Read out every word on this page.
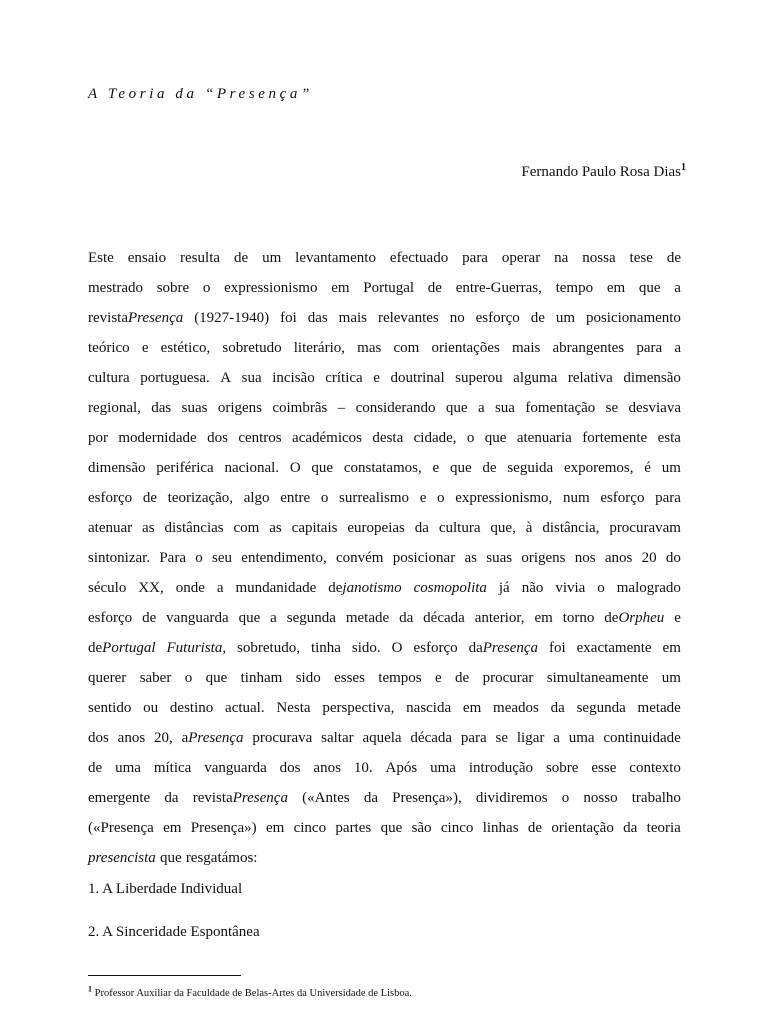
A Teoria da “Presença”
Fernando Paulo Rosa Dias$^1$
Este ensaio resulta de um levantamento efectuado para operar na nossa tese de
mestrado sobre o expressionismo em Portugal de entre-Guerras, tempo em que a
revistaPresença (1927-1940) foi das mais relevantes no esforço de um posicionamento
teórico e estético, sobretudo literário, mas com orientações mais abrangentes para a
cultura portuguesa. A sua incisão crítica e doutrinal superou alguma relativa dimensão
regional, das suas origens coimbrãs – considerando que a sua fomentação se desviava
por modernidade dos centros académicos desta cidade, o que atenuaria fortemente esta
dimensão periférica nacional. O que constatamos, e que de seguida exporemos, é um
esforço de teorização, algo entre o surrealismo e o expressionismo, num esforço para
atenuar as distâncias com as capitais europeias da cultura que, à distância, procuravam
sintonizar. Para o seu entendimento, convém posicionar as suas origens nos anos 20 do
século XX, onde a mundanidade dejanotismo cosmopolita já não vivia o malogrado
esforço de vanguarda que a segunda metade da década anterior, em torno deOrpheu e
dePortugal Futurista, sobretudo, tinha sido. O esforço daPresença foi exactamente em
querer saber o que tinham sido esses tempos e de procurar simultaneamente um
sentido ou destino actual. Nesta perspectiva, nascida em meados da segunda metade
dos anos 20, aPresença procurava saltar aquela década para se ligar a uma continuidade
de uma mítica vanguarda dos anos 10. Após uma introdução sobre esse contexto
emergente da revistaPresença («Antes da Presença»), dividiremos o nosso trabalho
(«Presença em Presença») em cinco partes que são cinco linhas de orientação da teoria
presencista que resgatámos:
1. A Liberdade Individual
2. A Sinceridade Espontânea
$^1$ Professor Auxiliar da Faculdade de Belas-Artes da Universidade de Lisboa.
